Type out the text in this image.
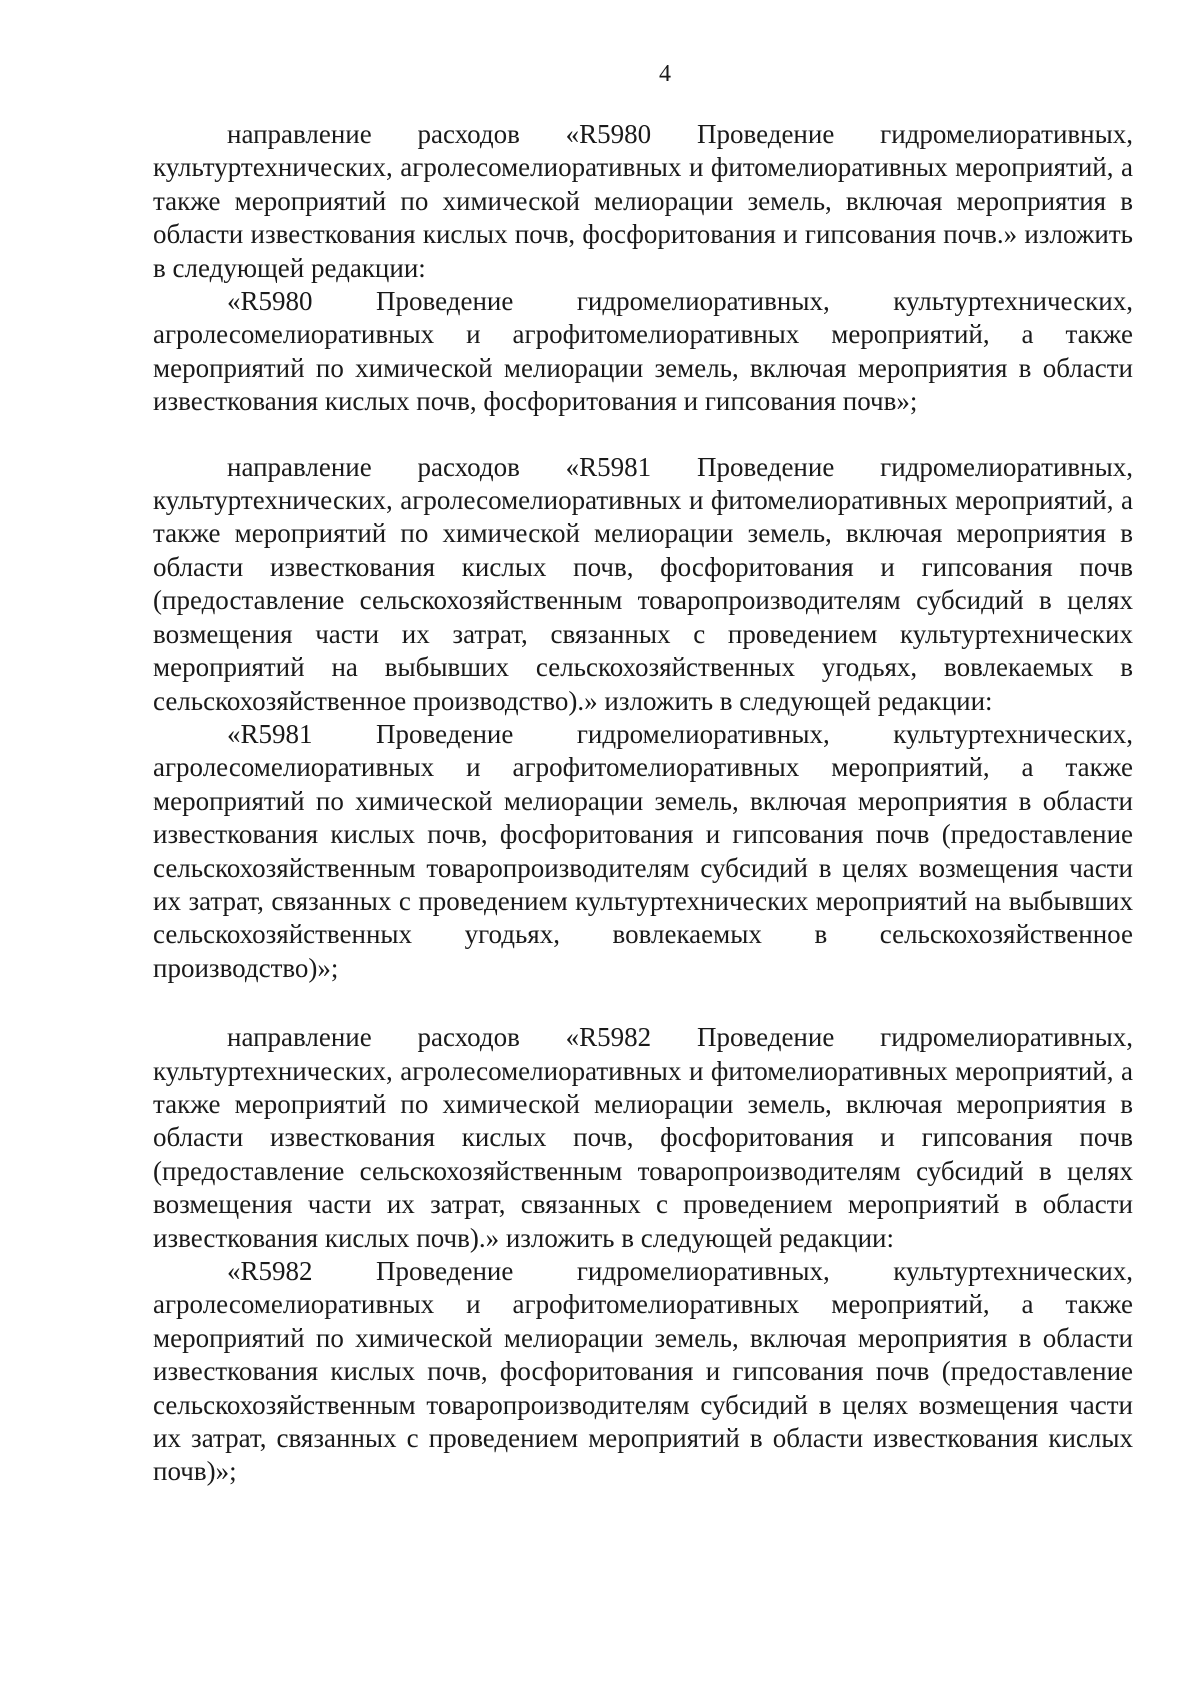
4

направление расходов «R5980 Проведение гидромелиоративных, культуртехнических, агролесомелиоративных и фитомелиоративных мероприятий, а также мероприятий по химической мелиорации земель, включая мероприятия в области известкования кислых почв, фосфоритования и гипсования почв.» изложить в следующей редакции:

«R5980 Проведение гидромелиоративных, культуртехнических, агролесомелиоративных и агрофитомелиоративных мероприятий, а также мероприятий по химической мелиорации земель, включая мероприятия в области известкования кислых почв, фосфоритования и гипсования почв»;

направление расходов «R5981 Проведение гидромелиоративных, культуртехнических, агролесомелиоративных и фитомелиоративных мероприятий, а также мероприятий по химической мелиорации земель, включая мероприятия в области известкования кислых почв, фосфоритования и гипсования почв (предоставление сельскохозяйственным товаропроизводителям субсидий в целях возмещения части их затрат, связанных с проведением культуртехнических мероприятий на выбывших сельскохозяйственных угодьях, вовлекаемых в сельскохозяйственное производство).» изложить в следующей редакции:

«R5981 Проведение гидромелиоративных, культуртехнических, агролесомелиоративных и агрофитомелиоративных мероприятий, а также мероприятий по химической мелиорации земель, включая мероприятия в области известкования кислых почв, фосфоритования и гипсования почв (предоставление сельскохозяйственным товаропроизводителям субсидий в целях возмещения части их затрат, связанных с проведением культуртехнических мероприятий на выбывших сельскохозяйственных угодьях, вовлекаемых в сельскохозяйственное производство)»;

направление расходов «R5982 Проведение гидромелиоративных, культуртехнических, агролесомелиоративных и фитомелиоративных мероприятий, а также мероприятий по химической мелиорации земель, включая мероприятия в области известкования кислых почв, фосфоритования и гипсования почв (предоставление сельскохозяйственным товаропроизводителям субсидий в целях возмещения части их затрат, связанных с проведением мероприятий в области известкования кислых почв).» изложить в следующей редакции:

«R5982 Проведение гидромелиоративных, культуртехнических, агролесомелиоративных и агрофитомелиоративных мероприятий, а также мероприятий по химической мелиорации земель, включая мероприятия в области известкования кислых почв, фосфоритования и гипсования почв (предоставление сельскохозяйственным товаропроизводителям субсидий в целях возмещения части их затрат, связанных с проведением мероприятий в области известкования кислых почв)»;
